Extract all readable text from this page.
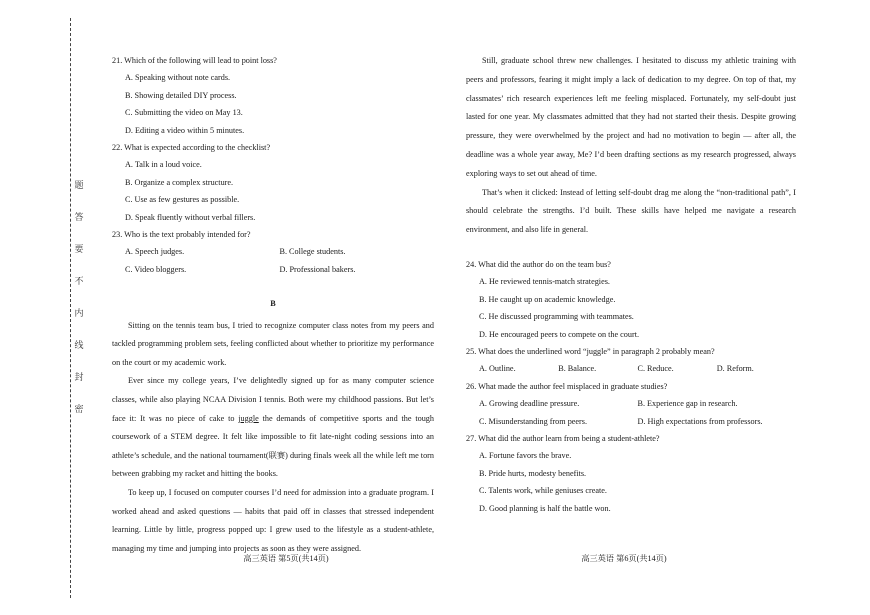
题
答
要
不
内
线
封
密

21. Which of the following will lead to point loss?

A. Speaking without note cards.

B. Showing detailed DIY process.

C. Submitting the video on May 13.

D. Editing a video within 5 minutes.

22. What is expected according to the checklist?

A. Talk in a loud voice.

B. Organize a complex structure.

C. Use as few gestures as possible.

D. Speak fluently without verbal fillers.

23. Who is the text probably intended for?

A. Speech judges.	B. College students.
C. Video bloggers.	D. Professional bakers.

B

Sitting on the tennis team bus, I tried to recognize computer class notes from my peers and tackled programming problem sets, feeling conflicted about whether to prioritize my performance on the court or my academic work.

Ever since my college years, I’ve delightedly signed up for as many computer science classes, while also playing NCAA Division I tennis. Both were my childhood passions. But let’s face it: It was no piece of cake to juggle the demands of competitive sports and the tough coursework of a STEM degree. It felt like impossible to fit late-night coding sessions into an athlete’s schedule, and the national tournament(联赛) during finals week all the while left me torn between grabbing my racket and hitting the books.

To keep up, I focused on computer courses I’d need for admission into a graduate program. I worked ahead and asked questions — habits that paid off in classes that stressed independent learning. Little by little, progress popped up: I grew used to the lifestyle as a student-athlete, managing my time and jumping into projects as soon as they were assigned.

Still, graduate school threw new challenges. I hesitated to discuss my athletic training with peers and professors, fearing it might imply a lack of dedication to my degree. On top of that, my classmates’ rich research experiences left me feeling misplaced. Fortunately, my self-doubt just lasted for one year. My classmates admitted that they had not started their thesis. Despite growing pressure, they were overwhelmed by the project and had no motivation to begin — after all, the deadline was a whole year away, Me? I’d been drafting sections as my research progressed, always exploring ways to set out ahead of time.

That’s when it clicked: Instead of letting self-doubt drag me along the “non-traditional path”, I should celebrate the strengths. I’d built. These skills have helped me navigate a research environment, and also life in general.

24. What did the author do on the team bus?

A. He reviewed tennis-match strategies.

B. He caught up on academic knowledge.

C. He discussed programming with teammates.

D. He encouraged peers to compete on the court.

25. What does the underlined word “juggle” in paragraph 2 probably mean?

A. Outline.	B. Balance.	C. Reduce.	D. Reform.

26. What made the author feel misplaced in graduate studies?

A. Growing deadline pressure.	B. Experience gap in research.
C. Misunderstanding from peers.	D. High expectations from professors.

27. What did the author learn from being a student-athlete?

A. Fortune favors the brave.

B. Pride hurts, modesty benefits.

C. Talents work, while geniuses create.

D. Good planning is half the battle won.

高三英语 第5页(共14页)	高三英语 第6页(共14页)
